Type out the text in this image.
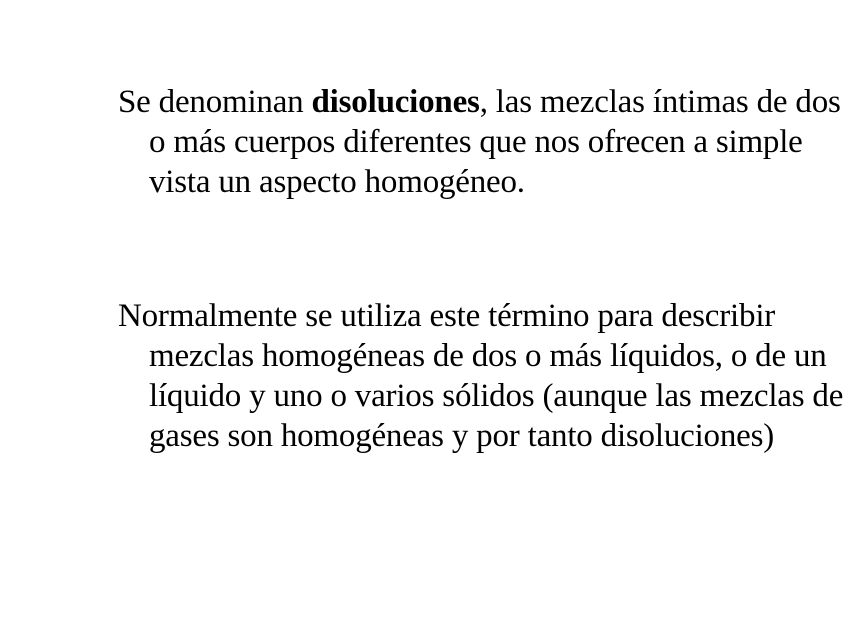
Se denominan disoluciones, las mezclas íntimas de dos o más cuerpos diferentes que nos ofrecen a simple vista un aspecto homogéneo.

Normalmente se utiliza este término para describir mezclas homogéneas de dos o más líquidos, o de un líquido y uno o varios sólidos (aunque las mezclas de gases son homogéneas y por tanto disoluciones)
